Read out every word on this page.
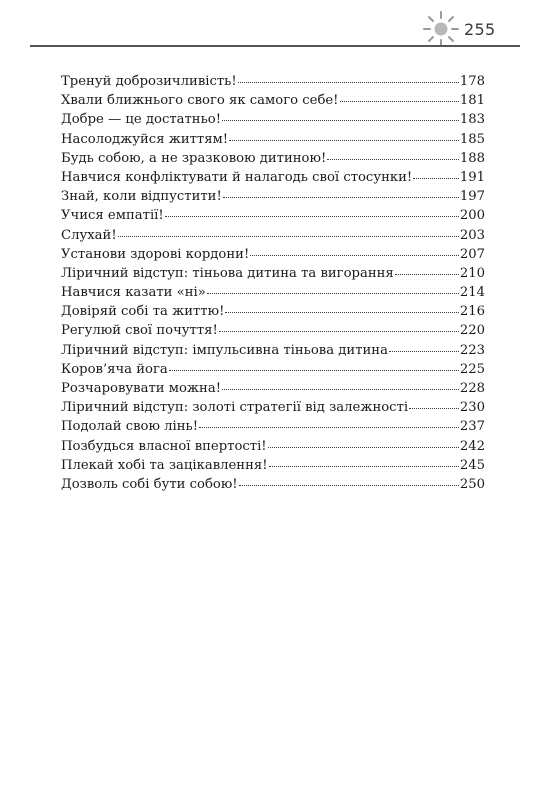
255
Тренуй доброзичливість!	178
Хвали ближнього свого як самого себе!	181
Добре — це достатньо!	183
Насолоджуйся життям!	185
Будь собою, а не зразковою дитиною!	188
Навчися конфліктувати й налагодь свої стосунки!	191
Знай, коли відпустити!	197
Учися емпатії!	200
Слухай!	203
Установи здорові кордони!	207
Ліричний відступ: тіньова дитина та вигорання	210
Навчися казати «ні»	214
Довіряй собі та життю!	216
Регулюй свої почуття!	220
Ліричний відступ: імпульсивна тіньова дитина	223
Коров’яча йога	225
Розчаровувати можна!	228
Ліричний відступ: золоті стратегії від залежності	230
Подолай свою лінь!	237
Позбудься власної впертості!	242
Плекай хобі та зацікавлення!	245
Дозволь собі бути собою!	250
